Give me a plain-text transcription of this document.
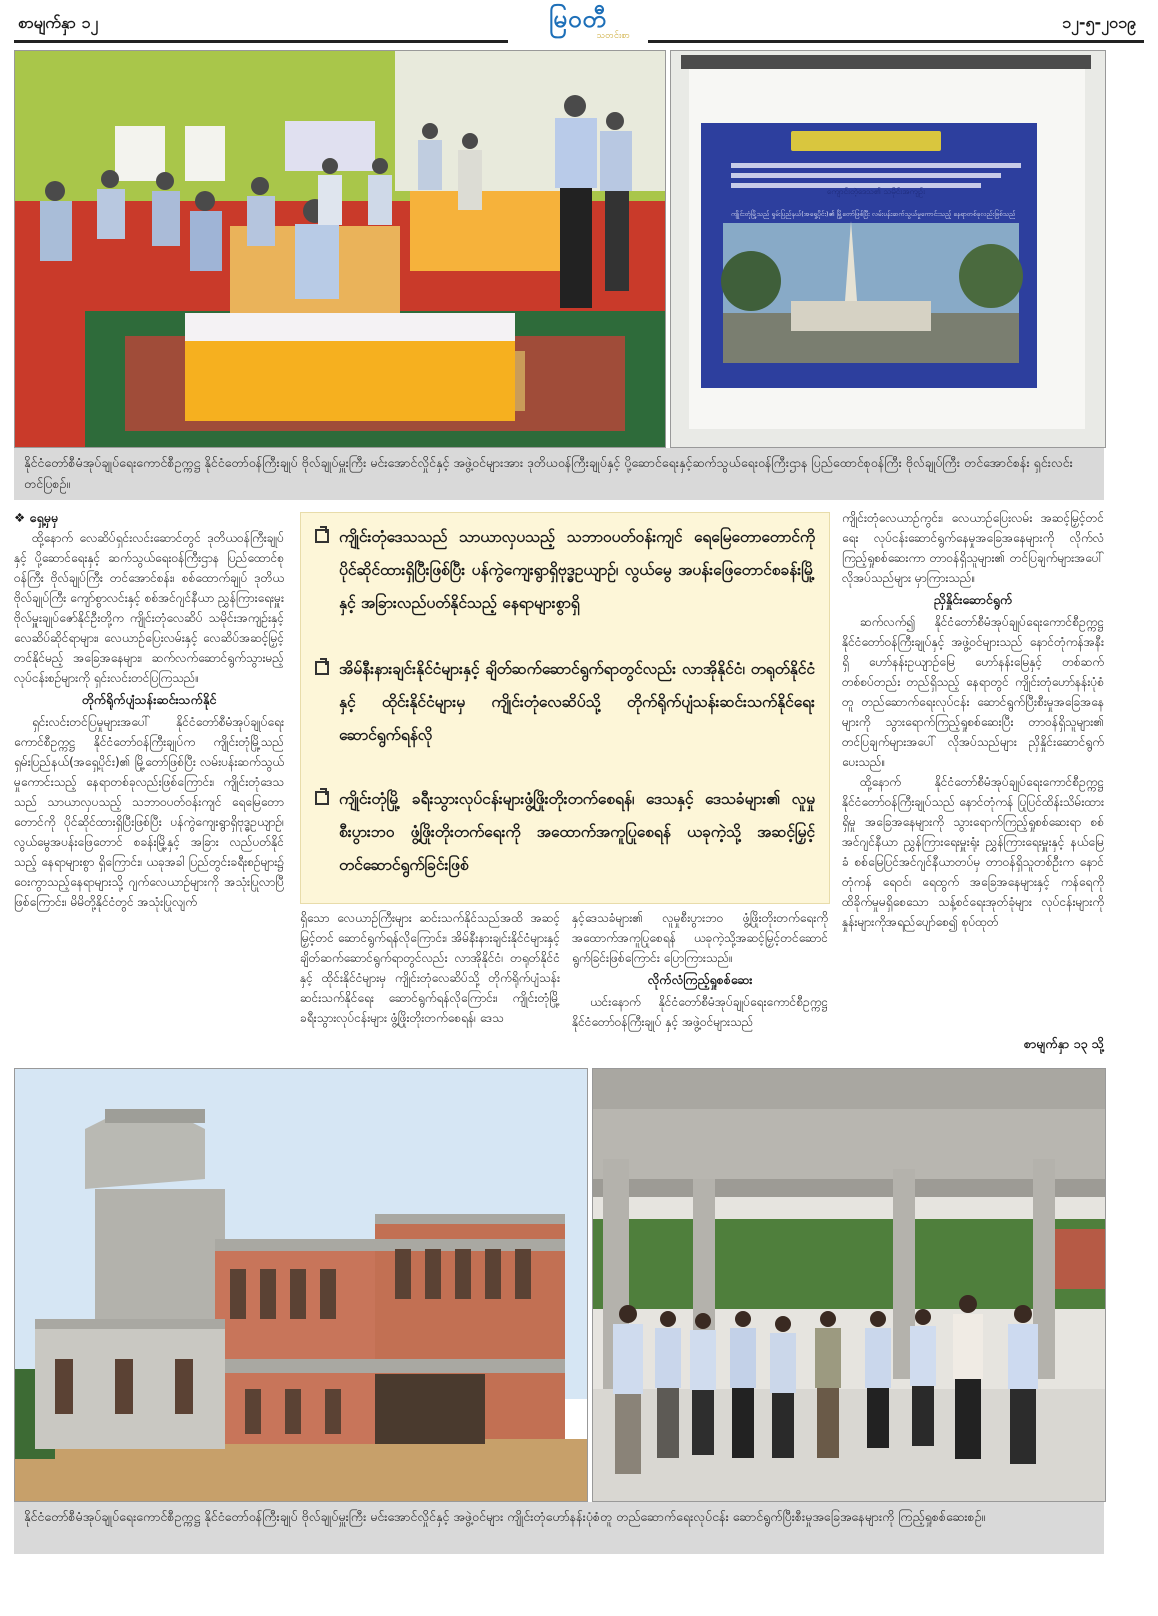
စာမျက်နှာ ၁၂	မြဝတီ
သတင်းစာ
၁၂-၅-၂၀၁၉
ကျောင်းတဲ့ဒေသ၏ သမိုင်းအကျဉ်း
ကျိုင်းတုံမြို့သည် ရှမ်းပြည်နယ်(အရှေ့ပိုင်း)၏ မြို့တော်ဖြစ်ပြီး လမ်းပန်းဆက်သွယ်မှုကောင်းသည့် နေရာတစ်ခုလည်းဖြစ်သည်
နိုင်ငံတော်စီမံအုပ်ချုပ်ရေးကောင်စီဥက္ကဋ္ဌ နိုင်ငံတော်ဝန်ကြီးချုပ် ဗိုလ်ချုပ်မှူးကြီး မင်းအောင်လှိုင်နှင့် အဖွဲ့ဝင်များအား ဒုတိယဝန်ကြီးချုပ်နှင့် ပို့ဆောင်ရေးနှင့်ဆက်သွယ်ရေးဝန်ကြီးဌာန ပြည်ထောင်စုဝန်ကြီး ဗိုလ်ချုပ်ကြီး တင်အောင်စန်း ရှင်းလင်းတင်ပြစဉ်။
❖ ရှေ့မှမှ

ထို့နောက် လေဆိပ်ရှင်းလင်းဆောင်တွင် ဒုတိယဝန်ကြီးချုပ်နှင့် ပို့ဆောင်ရေးနှင့် ဆက်သွယ်ရေးဝန်ကြီးဌာန ပြည်ထောင်စုဝန်ကြီး ဗိုလ်ချုပ်ကြီး တင်အောင်စန်း၊ စစ်ထောက်ချုပ် ဒုတိယဗိုလ်ချုပ်ကြီး ကျော်စွာလင်းနှင့် စစ်အင်ဂျင်နီယာ ညွှန်ကြားရေးမှူး ဗိုလ်မှူးချုပ်ဇော်နိုင်ဦးတို့က ကျိုင်းတုံလေဆိပ် သမိုင်းအကျဉ်းနှင့် လေဆိပ်ဆိုင်ရာများ၊ လေယာဉ်ပြေးလမ်းနှင့် လေဆိပ်အဆင့်မြှင့်တင်နိုင်မည့် အခြေအနေများ၊ ဆက်လက်ဆောင်ရွက်သွားမည့် လုပ်ငန်းစဉ်များကို ရှင်းလင်းတင်ပြကြသည်။

တိုက်ရိုက်ပျံသန်းဆင်းသက်နိုင်

ရှင်းလင်းတင်ပြမှုများအပေါ် နိုင်ငံတော်စီမံအုပ်ချုပ်ရေးကောင်စီဥက္ကဋ္ဌ နိုင်ငံတော်ဝန်ကြီးချုပ်က ကျိုင်းတုံမြို့သည် ရှမ်းပြည်နယ်(အရှေ့ပိုင်း)၏ မြို့တော်ဖြစ်ပြီး လမ်းပန်းဆက်သွယ်မှုကောင်းသည့် နေရာတစ်ခုလည်းဖြစ်ကြောင်း၊ ကျိုင်းတုံဒေသသည် သာယာလှပသည့် သဘာဝပတ်ဝန်းကျင် ရေမြေတောတောင်ကို ပိုင်ဆိုင်ထားရှိပြီးဖြစ်ပြီး ပန်ကွဲကျေးရွာရှိဗုဒ္ဓဥယျာဉ်၊ လွယ်မွေအပန်းဖြေတောင် စခန်းမြို့နှင့် အခြား လည်ပတ်နိုင်သည့် နေရာများစွာ ရှိကြောင်း၊ ယခုအခါ ပြည်တွင်းခရီးစဉ်များ၌ ဝေးကွာသည့်နေရာများသို့ ဂျက်လေယာဉ်များကို အသုံးပြုလာပြီဖြစ်ကြောင်း၊ မိမိတို့နိုင်ငံတွင် အသုံးပြုလျက်

ကျိုင်းတုံဒေသသည် သာယာလှပသည့် သဘာဝပတ်ဝန်းကျင် ရေမြေတောတောင်ကို ပိုင်ဆိုင်ထားရှိပြီးဖြစ်ပြီး ပန်ကွဲကျေးရွာရှိဗုဒ္ဓဥယျာဉ်၊ လွယ်မွေ အပန်းဖြေတောင်စခန်းမြို့နှင့် အခြားလည်ပတ်နိုင်သည့် နေရာများစွာရှိ
အိမ်နီးနားချင်းနိုင်ငံများနှင့် ချိတ်ဆက်ဆောင်ရွက်ရာတွင်လည်း လာအိုနိုင်ငံ၊ တရုတ်နိုင်ငံနှင့် ထိုင်းနိုင်ငံများမှ ကျိုင်းတုံလေဆိပ်သို့ တိုက်ရိုက်ပျံသန်းဆင်းသက်နိုင်ရေး ဆောင်ရွက်ရန်လို
ကျိုင်းတုံမြို့ ခရီးသွားလုပ်ငန်းများဖွံ့ဖြိုးတိုးတက်စေရန်၊ ဒေသနှင့် ဒေသခံများ၏ လူမှုစီးပွားဘဝ ဖွံ့ဖြိုးတိုးတက်ရေးကို အထောက်အကူပြုစေရန် ယခုကဲ့သို့ အဆင့်မြှင့်တင်ဆောင်ရွက်ခြင်းဖြစ်

ရှိသော လေယာဉ်ကြီးများ ဆင်းသက်နိုင်သည်အထိ အဆင့်မြှင့်တင် ဆောင်ရွက်ရန်လိုကြောင်း၊ အိမ်နီးနားချင်းနိုင်ငံများနှင့် ချိတ်ဆက်ဆောင်ရွက်ရာတွင်လည်း လာအိုနိုင်ငံ၊ တရုတ်နိုင်ငံနှင့် ထိုင်းနိုင်ငံများမှ ကျိုင်းတုံလေဆိပ်သို့ တိုက်ရိုက်ပျံသန်းဆင်းသက်နိုင်ရေး ဆောင်ရွက်ရန်လိုကြောင်း၊ ကျိုင်းတုံမြို့ ခရီးသွားလုပ်ငန်းများ ဖွံ့ဖြိုးတိုးတက်စေရန်၊ ဒေသ

နှင့်ဒေသခံများ၏ လူမှုစီးပွားဘဝ ဖွံ့ဖြိုးတိုးတက်ရေးကို အထောက်အကူပြုစေရန် ယခုကဲ့သို့အဆင့်မြှင့်တင်ဆောင်ရွက်ခြင်းဖြစ်ကြောင်း ပြောကြားသည်။

လိုက်လံကြည့်ရှုစစ်ဆေး

ယင်းနောက် နိုင်ငံတော်စီမံအုပ်ချုပ်ရေးကောင်စီဥက္ကဋ္ဌ နိုင်ငံတော်ဝန်ကြီးချုပ် နှင့် အဖွဲ့ဝင်များသည်

ကျိုင်းတုံလေယာဉ်ကွင်း၊ လေယာဉ်ပြေးလမ်း အဆင့်မြှင့်တင်ရေး လုပ်ငန်းဆောင်ရွက်နေမှုအခြေအနေများကို လိုက်လံကြည့်ရှုစစ်ဆေးကာ တာဝန်ရှိသူများ၏ တင်ပြချက်များအပေါ် လိုအပ်သည်များ မှာကြားသည်။

ညှိနှိုင်းဆောင်ရွက်

ဆက်လက်၍ နိုင်ငံတော်စီမံအုပ်ချုပ်ရေးကောင်စီဥက္ကဋ္ဌ နိုင်ငံတော်ဝန်ကြီးချုပ်နှင့် အဖွဲ့ဝင်များသည် နောင်တုံကန်အနီးရှိ ဟော်နန်းဥယျာဉ်မြေ ဟော်နန်းမြေနှင့် တစ်ဆက်တစ်စပ်တည်း တည်ရှိသည့် နေရာတွင် ကျိုင်းတုံဟော်နန်းပုံစံတူ တည်ဆောက်ရေးလုပ်ငန်း ဆောင်ရွက်ပြီးစီးမှုအခြေအနေများကို သွားရောက်ကြည့်ရှုစစ်ဆေးပြီး တာဝန်ရှိသူများ၏ တင်ပြချက်များအပေါ် လိုအပ်သည်များ ညှိနှိုင်းဆောင်ရွက်ပေးသည်။

ထို့နောက် နိုင်ငံတော်စီမံအုပ်ချုပ်ရေးကောင်စီဥက္ကဋ္ဌ နိုင်ငံတော်ဝန်ကြီးချုပ်သည် နောင်တုံကန် ပြုပြင်ထိန်းသိမ်းထားရှိမှု အခြေအနေများကို သွားရောက်ကြည့်ရှုစစ်ဆေးရာ စစ်အင်ဂျင်နီယာ ညွှန်ကြားရေးမှူးရုံး ညွှန်ကြားရေးမှူးနှင့် နယ်မြေခံ စစ်မြေပြင်အင်ဂျင်နီယာတပ်မှ တာဝန်ရှိသူတစ်ဦးက နောင်တုံကန် ရေဝင်၊ ရေထွက် အခြေအနေများနှင့် ကန်ရေကို ထိခိုက်မှုမရှိစေသော သန့်စင်ရေးအုတ်ခုံများ လုပ်ငန်းများကို နှုန်းများကိုအရည်ပျော်စေ၍ စုပ်ထုတ်

စာမျက်နှာ ၁၃ သို့
နိုင်ငံတော်စီမံအုပ်ချုပ်ရေးကောင်စီဥက္ကဋ္ဌ နိုင်ငံတော်ဝန်ကြီးချုပ် ဗိုလ်ချုပ်မှူးကြီး မင်းအောင်လှိုင်နှင့် အဖွဲ့ဝင်များ ကျိုင်းတုံဟော်နန်းပုံစံတူ တည်ဆောက်ရေးလုပ်ငန်း ဆောင်ရွက်ပြီးစီးမှုအခြေအနေများကို ကြည့်ရှုစစ်ဆေးစဉ်။
